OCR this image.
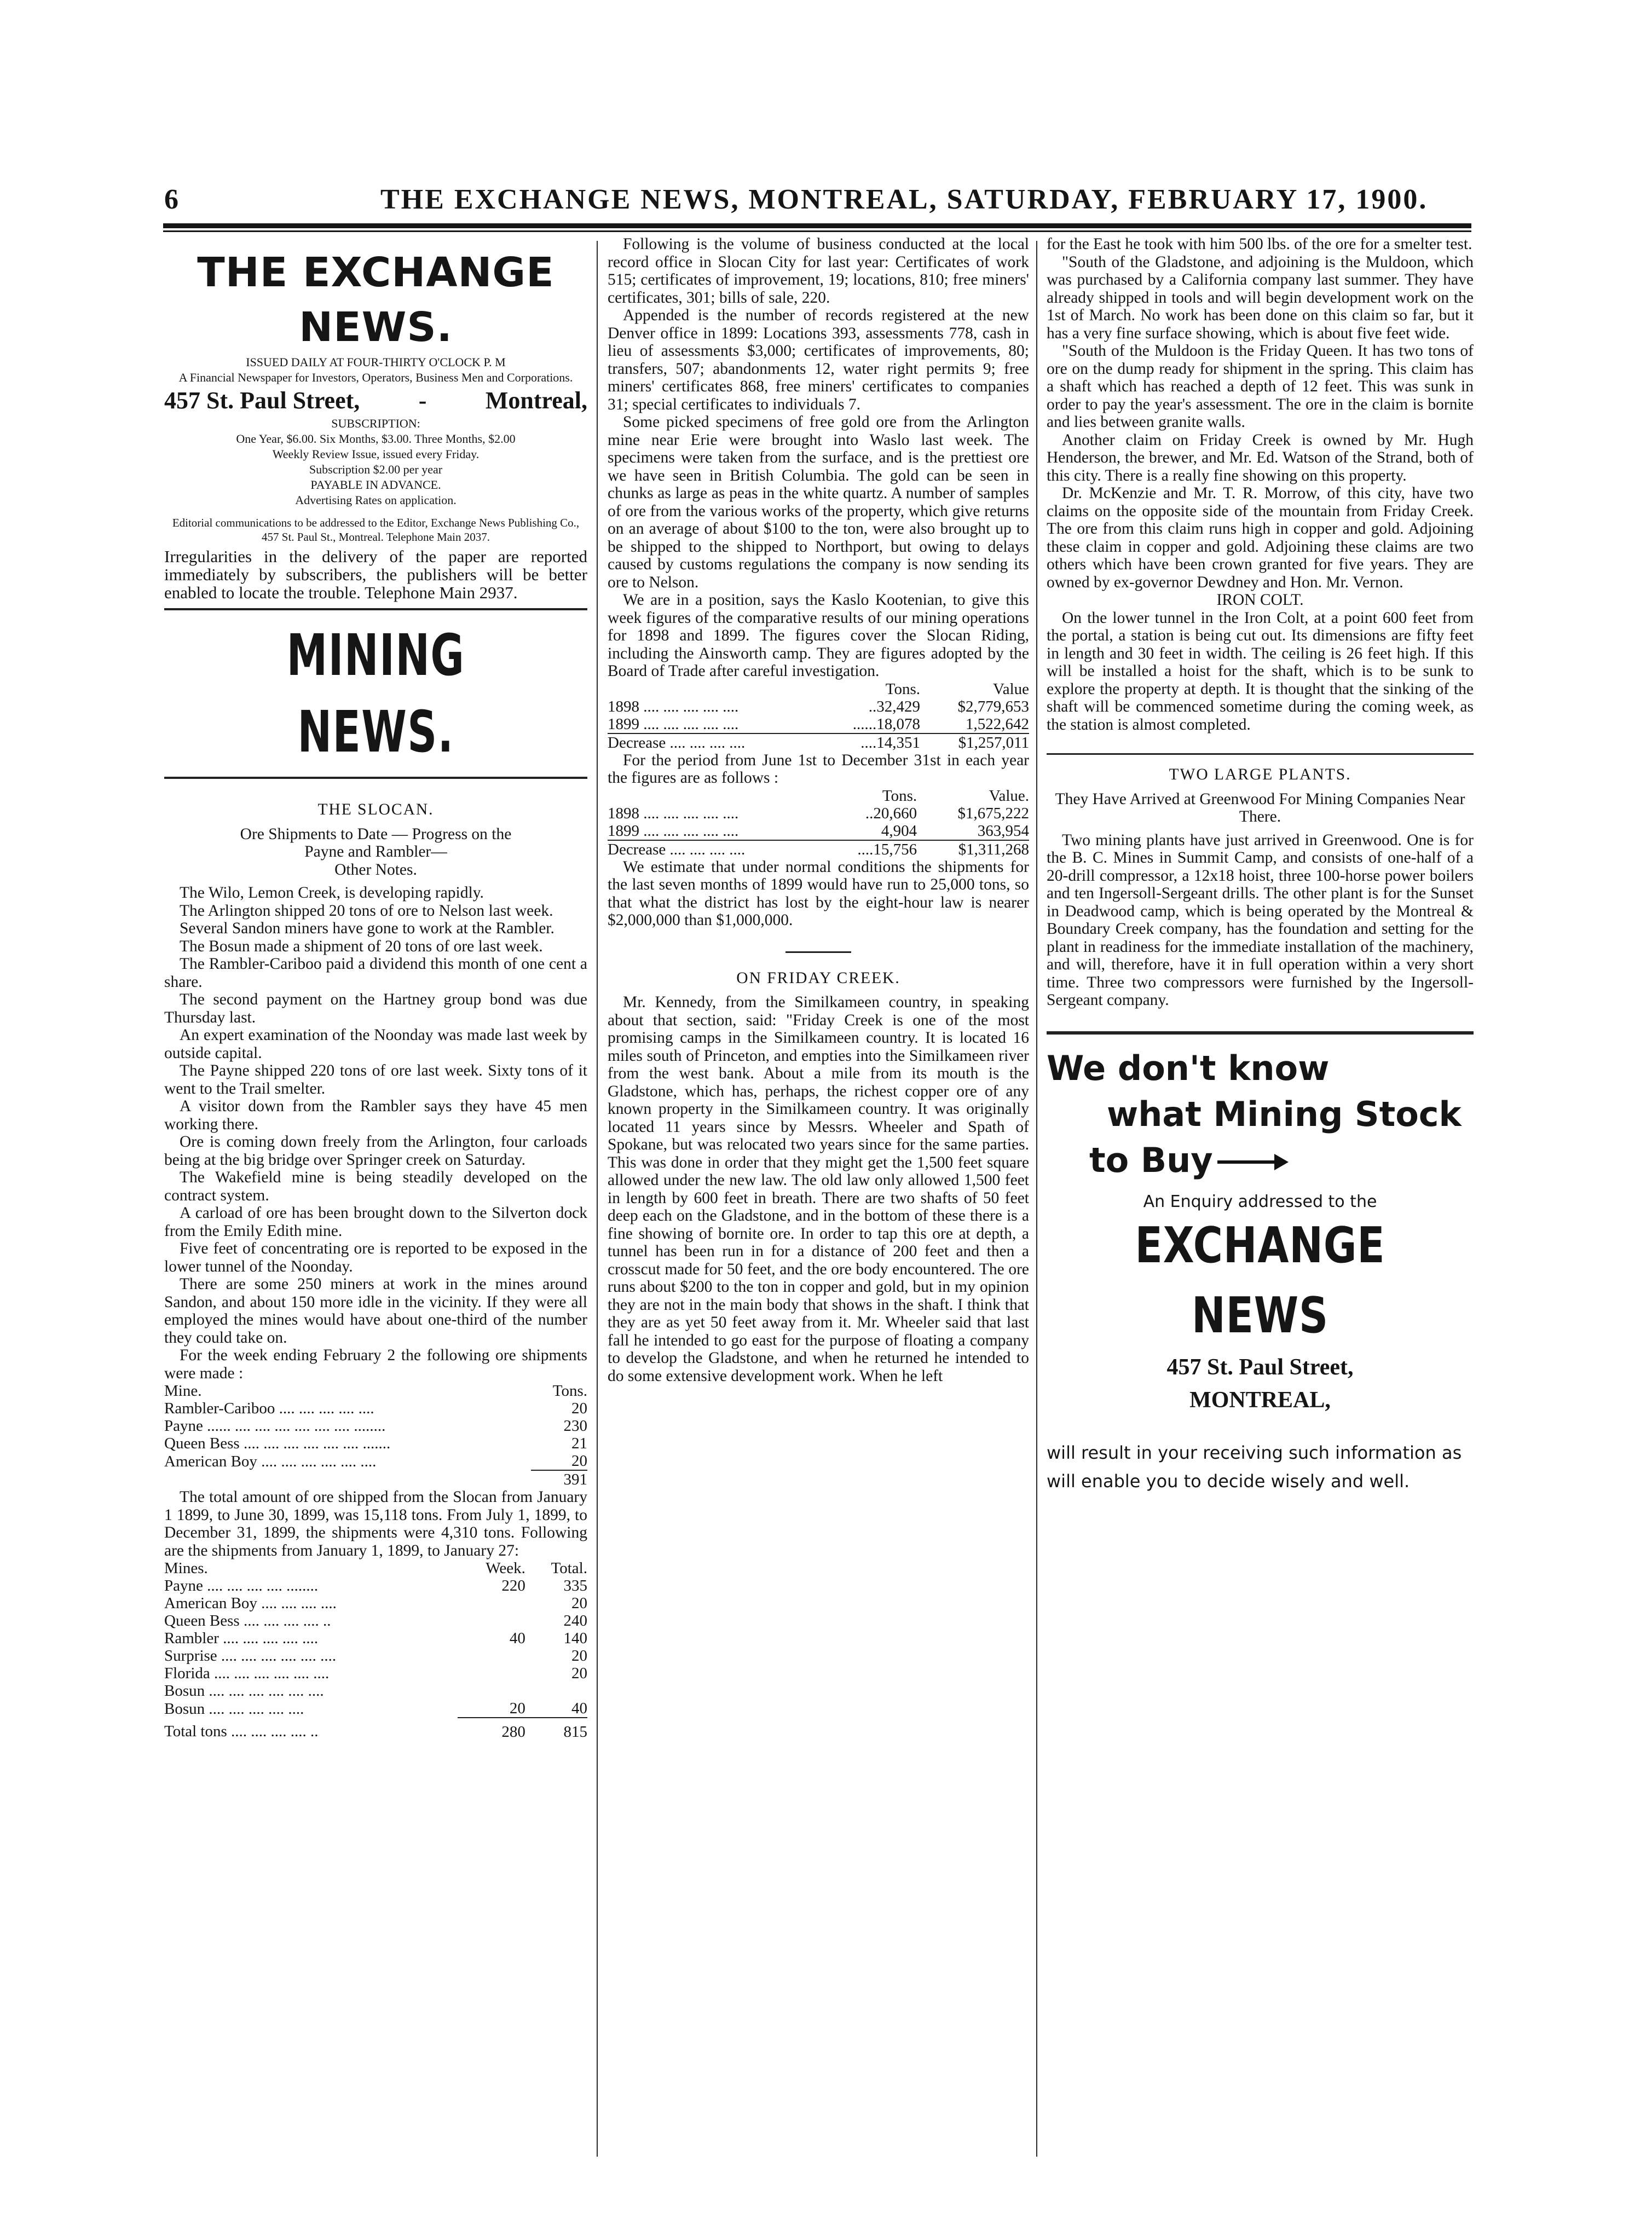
6	THE EXCHANGE NEWS, MONTREAL, SATURDAY, FEBRUARY 17, 1900.
THE EXCHANGE NEWS.
ISSUED DAILY AT FOUR-THIRTY O'CLOCK P. M
A Financial Newspaper for Investors, Operators, Business Men and Corporations.
457 St. Paul Street, - Montreal,
SUBSCRIPTION:
One Year, $6.00. Six Months, $3.00. Three Months, $2.00
Weekly Review Issue, issued every Friday.
Subscription $2.00 per year
PAYABLE IN ADVANCE.
Advertising Rates on application.
Editorial communications to be addressed to the Editor, Exchange News Publishing Co., 457 St. Paul St., Montreal. Telephone Main 2037.
Irregularities in the delivery of the paper are reported immediately by subscribers, the publishers will be better enabled to locate the trouble. Telephone Main 2937.
MINING NEWS.
THE SLOCAN.
Ore Shipments to Date — Progress on the
Payne and Rambler—
Other Notes.

The Wilo, Lemon Creek, is developing rapidly.

The Arlington shipped 20 tons of ore to Nelson last week.

Several Sandon miners have gone to work at the Rambler.

The Bosun made a shipment of 20 tons of ore last week.

The Rambler-Cariboo paid a dividend this month of one cent a share.

The second payment on the Hartney group bond was due Thursday last.

An expert examination of the Noonday was made last week by outside capital.

The Payne shipped 220 tons of ore last week. Sixty tons of it went to the Trail smelter.

A visitor down from the Rambler says they have 45 men working there.

Ore is coming down freely from the Arlington, four carloads being at the big bridge over Springer creek on Saturday.

The Wakefield mine is being steadily developed on the contract system.

A carload of ore has been brought down to the Silverton dock from the Emily Edith mine.

Five feet of concentrating ore is reported to be exposed in the lower tunnel of the Noonday.

There are some 250 miners at work in the mines around Sandon, and about 150 more idle in the vicinity. If they were all employed the mines would have about one-third of the number they could take on.

For the week ending February 2 the following ore shipments were made :

Mine.	Tons.
Rambler-Cariboo .... .... .... .... ....	20
Payne ...... .... .... .... .... .... .... ........	230
Queen Bess .... .... .... .... .... .... .......	21
American Boy .... .... .... .... .... ....	20
	391

The total amount of ore shipped from the Slocan from January 1 1899, to June 30, 1899, was 15,118 tons. From July 1, 1899, to December 31, 1899, the shipments were 4,310 tons. Following are the shipments from January 1, 1899, to January 27:

Mines.	Week.	Total.
Payne .... .... .... .... ........	220	335
American Boy .... .... .... ....		20
Queen Bess .... .... .... .... ..		240
Rambler .... .... .... .... ....	40	140
Surprise .... .... .... .... .... ....		20
Florida .... .... .... .... .... ....		20
Bosun .... .... .... .... .... ....		
Bosun .... .... .... .... ....	20	40
Total tons .... .... .... .... ..	280	815

Following is the volume of business conducted at the local record office in Slocan City for last year: Certificates of work 515; certificates of improvement, 19; locations, 810; free miners' certificates, 301; bills of sale, 220.

Appended is the number of records registered at the new Denver office in 1899: Locations 393, assessments 778, cash in lieu of assessments $3,000; certificates of improvements, 80; transfers, 507; abandonments 12, water right permits 9; free miners' certificates 868, free miners' certificates to companies 31; special certificates to individuals 7.

Some picked specimens of free gold ore from the Arlington mine near Erie were brought into Waslo last week. The specimens were taken from the surface, and is the prettiest ore we have seen in British Columbia. The gold can be seen in chunks as large as peas in the white quartz. A number of samples of ore from the various works of the property, which give returns on an average of about $100 to the ton, were also brought up to be shipped to the shipped to Northport, but owing to delays caused by customs regulations the company is now sending its ore to Nelson.

We are in a position, says the Kaslo Kootenian, to give this week figures of the comparative results of our mining operations for 1898 and 1899. The figures cover the Slocan Riding, including the Ainsworth camp. They are figures adopted by the Board of Trade after careful investigation.

	Tons.	Value
1898 .... .... .... .... ....	..32,429	$2,779,653
1899 .... .... .... .... ....	......18,078	1,522,642
Decrease .... .... .... ....	....14,351	$1,257,011

For the period from June 1st to December 31st in each year the figures are as follows :

	Tons.	Value.
1898 .... .... .... .... ....	..20,660	$1,675,222
1899 .... .... .... .... ....	4,904	363,954
Decrease .... .... .... ....	....15,756	$1,311,268

We estimate that under normal conditions the shipments for the last seven months of 1899 would have run to 25,000 tons, so that what the district has lost by the eight-hour law is nearer $2,000,000 than $1,000,000.

ON FRIDAY CREEK.

Mr. Kennedy, from the Similkameen country, in speaking about that section, said: "Friday Creek is one of the most promising camps in the Similkameen country. It is located 16 miles south of Princeton, and empties into the Similkameen river from the west bank. About a mile from its mouth is the Gladstone, which has, perhaps, the richest copper ore of any known property in the Similkameen country. It was originally located 11 years since by Messrs. Wheeler and Spath of Spokane, but was relocated two years since for the same parties. This was done in order that they might get the 1,500 feet square allowed under the new law. The old law only allowed 1,500 feet in length by 600 feet in breath. There are two shafts of 50 feet deep each on the Gladstone, and in the bottom of these there is a fine showing of bornite ore. In order to tap this ore at depth, a tunnel has been run in for a distance of 200 feet and then a crosscut made for 50 feet, and the ore body encountered. The ore runs about $200 to the ton in copper and gold, but in my opinion they are not in the main body that shows in the shaft. I think that they are as yet 50 feet away from it. Mr. Wheeler said that last fall he intended to go east for the purpose of floating a company to develop the Gladstone, and when he returned he intended to do some extensive development work. When he left

for the East he took with him 500 lbs. of the ore for a smelter test.

"South of the Gladstone, and adjoining is the Muldoon, which was purchased by a California company last summer. They have already shipped in tools and will begin development work on the 1st of March. No work has been done on this claim so far, but it has a very fine surface showing, which is about five feet wide.

"South of the Muldoon is the Friday Queen. It has two tons of ore on the dump ready for shipment in the spring. This claim has a shaft which has reached a depth of 12 feet. This was sunk in order to pay the year's assessment. The ore in the claim is bornite and lies between granite walls.

Another claim on Friday Creek is owned by Mr. Hugh Henderson, the brewer, and Mr. Ed. Watson of the Strand, both of this city. There is a really fine showing on this property.

Dr. McKenzie and Mr. T. R. Morrow, of this city, have two claims on the opposite side of the mountain from Friday Creek. The ore from this claim runs high in copper and gold. Adjoining these claim in copper and gold. Adjoining these claims are two others which have been crown granted for five years. They are owned by ex-governor Dewdney and Hon. Mr. Vernon.

IRON COLT.

On the lower tunnel in the Iron Colt, at a point 600 feet from the portal, a station is being cut out. Its dimensions are fifty feet in length and 30 feet in width. The ceiling is 26 feet high. If this will be installed a hoist for the shaft, which is to be sunk to explore the property at depth. It is thought that the sinking of the shaft will be commenced sometime during the coming week, as the station is almost completed.

TWO LARGE PLANTS.
They Have Arrived at Greenwood For Mining Companies Near There.

Two mining plants have just arrived in Greenwood. One is for the B. C. Mines in Summit Camp, and consists of one-half of a 20-drill compressor, a 12x18 hoist, three 100-horse power boilers and ten Ingersoll-Sergeant drills. The other plant is for the Sunset in Deadwood camp, which is being operated by the Montreal & Boundary Creek company, has the foundation and setting for the plant in readiness for the immediate installation of the machinery, and will, therefore, have it in full operation within a very short time. Three two compressors were furnished by the Ingersoll-Sergeant company.

We don't know
what Mining Stock
to Buy
An Enquiry addressed to the
EXCHANGE NEWS
457 St. Paul Street,
MONTREAL,
will result in your receiving such information as will enable you to decide wisely and well.
